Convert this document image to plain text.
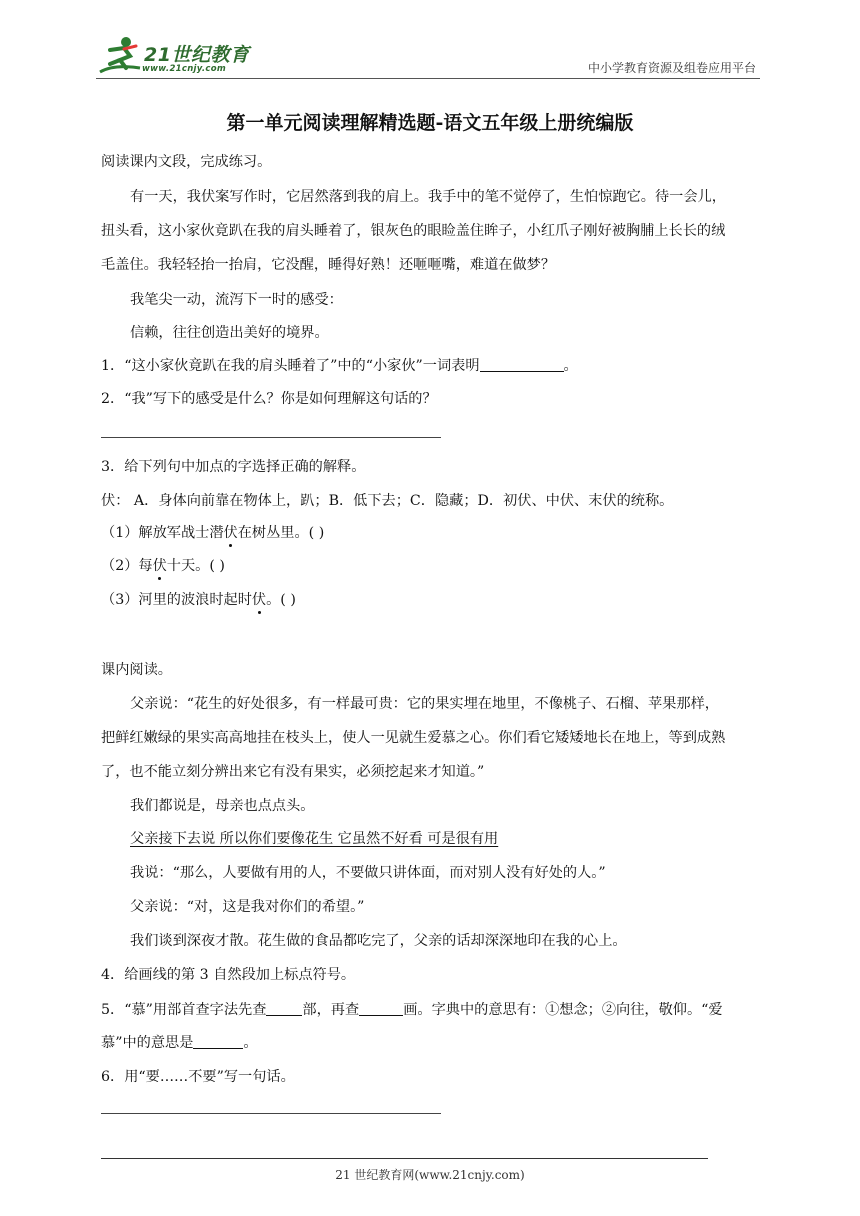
21世纪教育
www.21cnjy.com	中小学教育资源及组卷应用平台
第一单元阅读理解精选题-语文五年级上册统编版
阅读课内文段，完成练习。
有一天，我伏案写作时，它居然落到我的肩上。我手中的笔不觉停了，生怕惊跑它。待一会儿，
扭头看，这小家伙竟趴在我的肩头睡着了，银灰色的眼睑盖住眸子，小红爪子刚好被胸脯上长长的绒
毛盖住。我轻轻抬一抬肩，它没醒，睡得好熟！还咂咂嘴，难道在做梦？
我笔尖一动，流泻下一时的感受：
信赖，往往创造出美好的境界。
1．“这小家伙竟趴在我的肩头睡着了”中的“小家伙”一词表明	。
2．“我”写下的感受是什么？你是如何理解这句话的？
3．给下列句中加点的字选择正确的解释。
伏： A．身体向前靠在物体上，趴；B．低下去；C．隐藏；D．初伏、中伏、末伏的统称。
（1）解放军战士潜伏在树丛里。( )
（2）每伏十天。( )
（3）河里的波浪时起时伏。( )
课内阅读。
父亲说：“花生的好处很多，有一样最可贵：它的果实埋在地里，不像桃子、石榴、苹果那样，
把鲜红嫩绿的果实高高地挂在枝头上，使人一见就生爱慕之心。你们看它矮矮地长在地上，等到成熟
了，也不能立刻分辨出来它有没有果实，必须挖起来才知道。”
我们都说是，母亲也点点头。
父亲接下去说 所以你们要像花生 它虽然不好看 可是很有用
我说：“那么，人要做有用的人，不要做只讲体面，而对别人没有好处的人。”
父亲说：“对，这是我对你们的希望。”
我们谈到深夜才散。花生做的食品都吃完了，父亲的话却深深地印在我的心上。
4．给画线的第 3 自然段加上标点符号。
5．“慕”用部首查字法先查	部，再查	画。字典中的意思有：①想念；②向往，敬仰。“爱
慕”中的意思是	。
6．用“要……不要”写一句话。
21 世纪教育网(www.21cnjy.com)
